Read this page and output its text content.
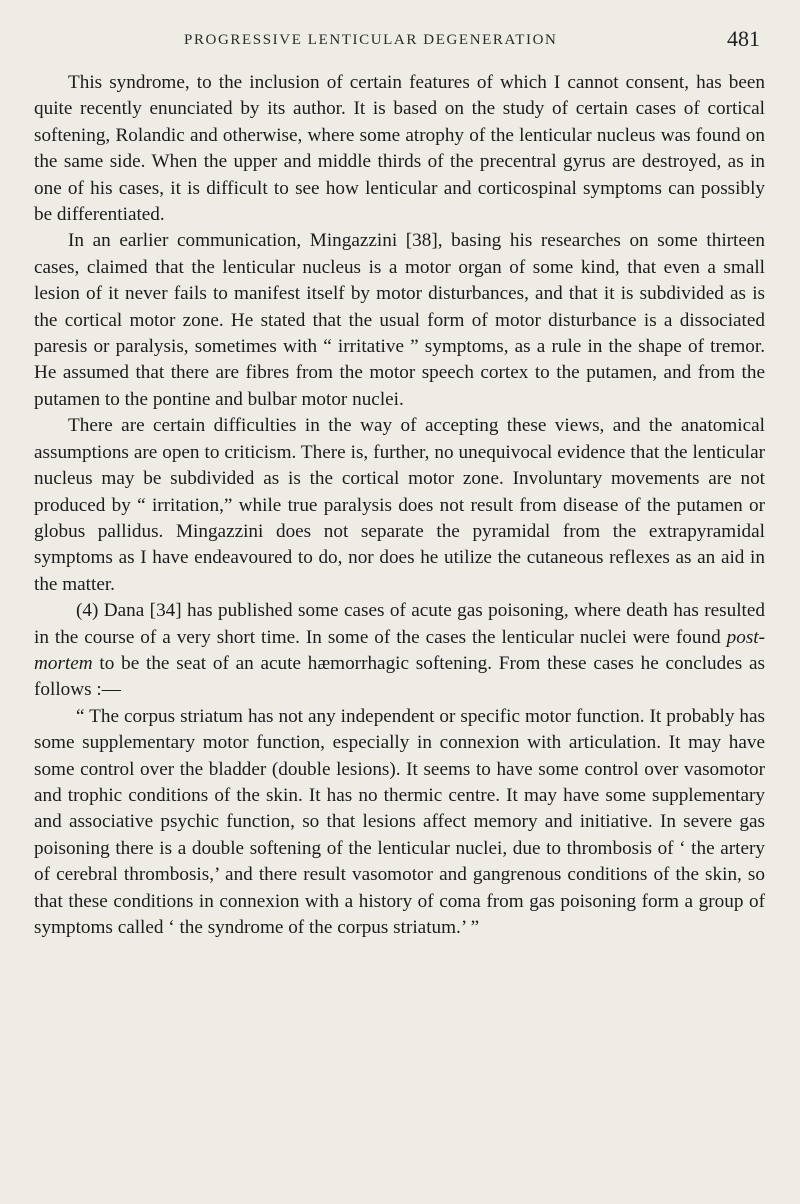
PROGRESSIVE LENTICULAR DEGENERATION	481

This syndrome, to the inclusion of certain features of which I cannot consent, has been quite recently enunciated by its author. It is based on the study of certain cases of cortical softening, Rolandic and otherwise, where some atrophy of the lenticular nucleus was found on the same side. When the upper and middle thirds of the precentral gyrus are destroyed, as in one of his cases, it is difficult to see how lenticular and corticospinal symptoms can possibly be differentiated.

In an earlier communication, Mingazzini [38], basing his researches on some thirteen cases, claimed that the lenticular nucleus is a motor organ of some kind, that even a small lesion of it never fails to manifest itself by motor disturbances, and that it is subdivided as is the cortical motor zone. He stated that the usual form of motor disturbance is a dissociated paresis or paralysis, sometimes with “ irritative ” symptoms, as a rule in the shape of tremor. He assumed that there are fibres from the motor speech cortex to the putamen, and from the putamen to the pontine and bulbar motor nuclei.

There are certain difficulties in the way of accepting these views, and the anatomical assumptions are open to criticism. There is, further, no unequivocal evidence that the lenticular nucleus may be subdivided as is the cortical motor zone. Involuntary movements are not produced by “ irritation,” while true paralysis does not result from disease of the putamen or globus pallidus. Mingazzini does not separate the pyramidal from the extrapyramidal symptoms as I have endeavoured to do, nor does he utilize the cutaneous reflexes as an aid in the matter.

(4) Dana [34] has published some cases of acute gas poisoning, where death has resulted in the course of a very short time. In some of the cases the lenticular nuclei were found post-mortem to be the seat of an acute hæmorrhagic softening. From these cases he concludes as follows :—

“ The corpus striatum has not any independent or specific motor function. It probably has some supplementary motor function, especially in connexion with articulation. It may have some control over the bladder (double lesions). It seems to have some control over vasomotor and trophic conditions of the skin. It has no thermic centre. It may have some supplementary and associative psychic function, so that lesions affect memory and initiative. In severe gas poisoning there is a double softening of the lenticular nuclei, due to thrombosis of ‘ the artery of cerebral thrombosis,’ and there result vasomotor and gangrenous conditions of the skin, so that these conditions in connexion with a history of coma from gas poisoning form a group of symptoms called ‘ the syndrome of the corpus striatum.’ ”
